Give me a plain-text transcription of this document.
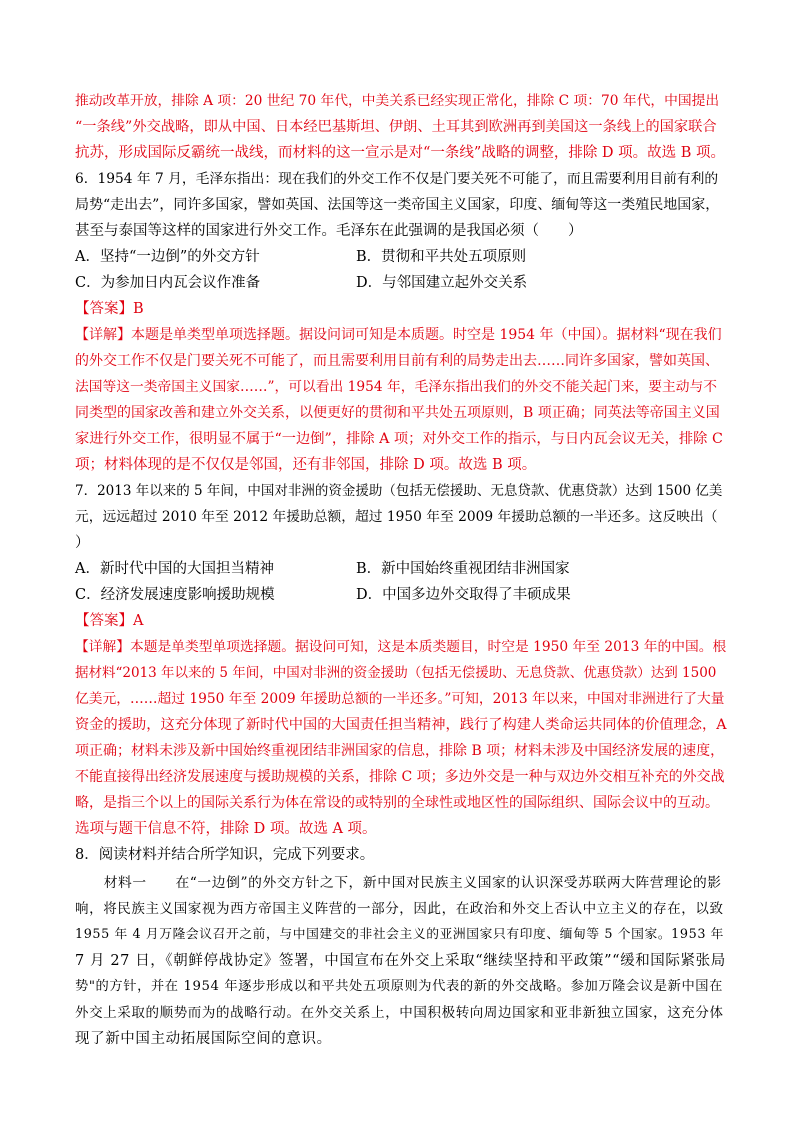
推动改革开放，排除 A 项：20 世纪 70 年代，中美关系已经实现正常化，排除 C 项：70 年代，中国提出
“一条线”外交战略，即从中国、日本经巴基斯坦、伊朗、土耳其到欧洲再到美国这一条线上的国家联合
抗苏，形成国际反霸统一战线，而材料的这一宣示是对“一条线”战略的调整，排除 D 项。故选 B 项。
6．1954 年 7 月，毛泽东指出：现在我们的外交工作不仅是门要关死不可能了，而且需要利用目前有利的
局势“走出去”，同许多国家，譬如英国、法国等这一类帝国主义国家，印度、缅甸等这一类殖民地国家，
甚至与泰国等这样的国家进行外交工作。毛泽东在此强调的是我国必须（　　）
A．坚持“一边倒”的外交方针	B．贯彻和平共处五项原则
C．为参加日内瓦会议作准备	D．与邻国建立起外交关系
【答案】B
【详解】本题是单类型单项选择题。据设问词可知是本质题。时空是 1954 年（中国）。据材料“现在我们
的外交工作不仅是门要关死不可能了，而且需要利用目前有利的局势走出去……同许多国家，譬如英国、
法国等这一类帝国主义国家……”，可以看出 1954 年，毛泽东指出我们的外交不能关起门来，要主动与不
同类型的国家改善和建立外交关系，以便更好的贯彻和平共处五项原则，B 项正确；同英法等帝国主义国
家进行外交工作，很明显不属于“一边倒”，排除 A 项；对外交工作的指示，与日内瓦会议无关，排除 C
项；材料体现的是不仅仅是邻国，还有非邻国，排除 D 项。故选 B 项。
7．2013 年以来的 5 年间，中国对非洲的资金援助（包括无偿援助、无息贷款、优惠贷款）达到 1500 亿美
元，远远超过 2010 年至 2012 年援助总额，超过 1950 年至 2009 年援助总额的一半还多。这反映出（
）
A．新时代中国的大国担当精神	B．新中国始终重视团结非洲国家
C．经济发展速度影响援助规模	D．中国多边外交取得了丰硕成果
【答案】A
【详解】本题是单类型单项选择题。据设问可知，这是本质类题目，时空是 1950 年至 2013 年的中国。根
据材料“2013 年以来的 5 年间，中国对非洲的资金援助（包括无偿援助、无息贷款、优惠贷款）达到 1500
亿美元，……超过 1950 年至 2009 年援助总额的一半还多。”可知，2013 年以来，中国对非洲进行了大量
资金的援助，这充分体现了新时代中国的大国责任担当精神，践行了构建人类命运共同体的价值理念，A
项正确；材料未涉及新中国始终重视团结非洲国家的信息，排除 B 项；材料未涉及中国经济发展的速度，
不能直接得出经济发展速度与援助规模的关系，排除 C 项；多边外交是一种与双边外交相互补充的外交战
略，是指三个以上的国际关系行为体在常设的或特别的全球性或地区性的国际组织、国际会议中的互动。
选项与题干信息不符，排除 D 项。故选 A 项。
8．阅读材料并结合所学知识，完成下列要求。
　　材料一　　在“一边倒”的外交方针之下，新中国对民族主义国家的认识深受苏联两大阵营理论的影
响，将民族主义国家视为西方帝国主义阵营的一部分，因此，在政治和外交上否认中立主义的存在，以致
1955 年 4 月万隆会议召开之前，与中国建交的非社会主义的亚洲国家只有印度、缅甸等 5 个国家。1953 年
7 月 27 日，《朝鲜停战协定》签署，中国宣布在外交上采取“继续坚持和平政策”“缓和国际紧张局
势"的方针，并在 1954 年逐步形成以和平共处五项原则为代表的新的外交战略。参加万隆会议是新中国在
外交上采取的顺势而为的战略行动。在外交关系上，中国积极转向周边国家和亚非新独立国家，这充分体
现了新中国主动拓展国际空间的意识。
